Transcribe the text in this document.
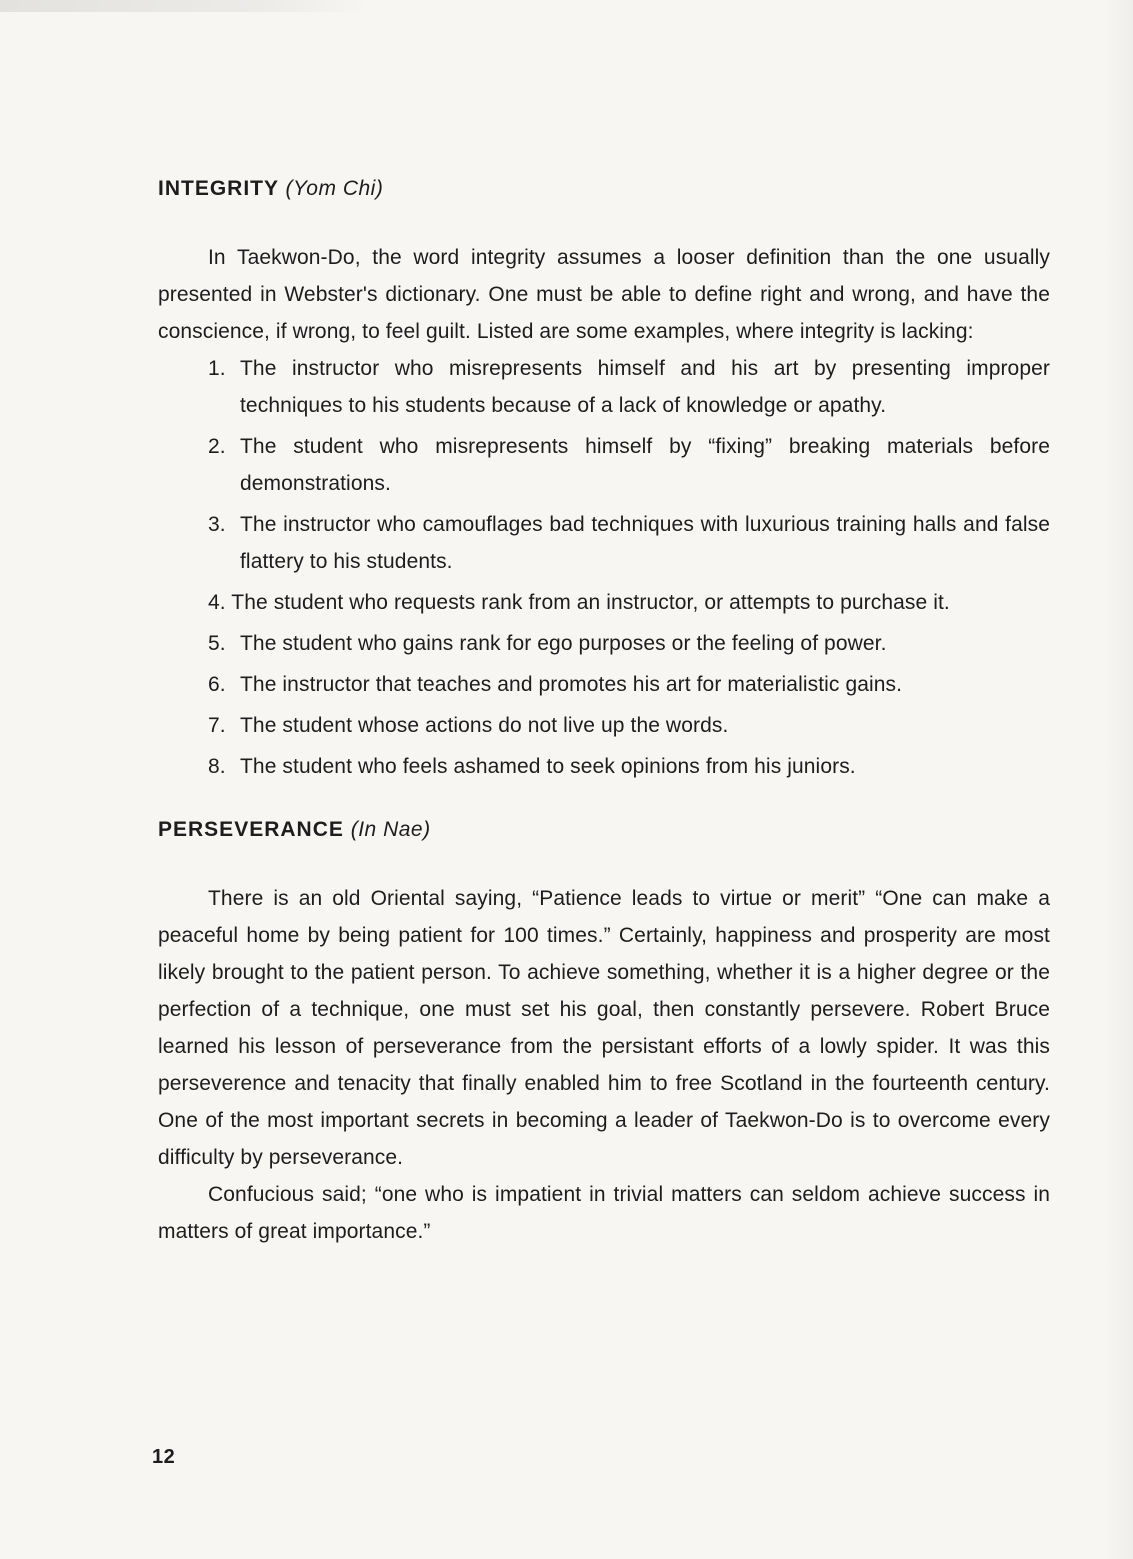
INTEGRITY (Yom Chi)

In Taekwon-Do, the word integrity assumes a looser definition than the one usually presented in Webster's dictionary. One must be able to define right and wrong, and have the conscience, if wrong, to feel guilt. Listed are some examples, where integrity is lacking:

1. The instructor who misrepresents himself and his art by presenting improper techniques to his students because of a lack of knowledge or apathy.
2. The student who misrepresents himself by “fixing” breaking materials before demonstrations.
3. The instructor who camouflages bad techniques with luxurious training halls and false flattery to his students.
4. The student who requests rank from an instructor, or attempts to purchase it.
5. The student who gains rank for ego purposes or the feeling of power.
6. The instructor that teaches and promotes his art for materialistic gains.
7. The student whose actions do not live up the words.
8. The student who feels ashamed to seek opinions from his juniors.
PERSEVERANCE (In Nae)

There is an old Oriental saying, “Patience leads to virtue or merit” “One can make a peaceful home by being patient for 100 times.” Certainly, happiness and prosperity are most likely brought to the patient person. To achieve something, whether it is a higher degree or the perfection of a technique, one must set his goal, then constantly persevere. Robert Bruce learned his lesson of perseverance from the persistant efforts of a lowly spider. It was this perseverence and tenacity that finally enabled him to free Scotland in the fourteenth century. One of the most important secrets in becoming a leader of Taekwon-Do is to overcome every difficulty by perseverance.

Confucious said; “one who is impatient in trivial matters can seldom achieve success in matters of great importance.”

12
